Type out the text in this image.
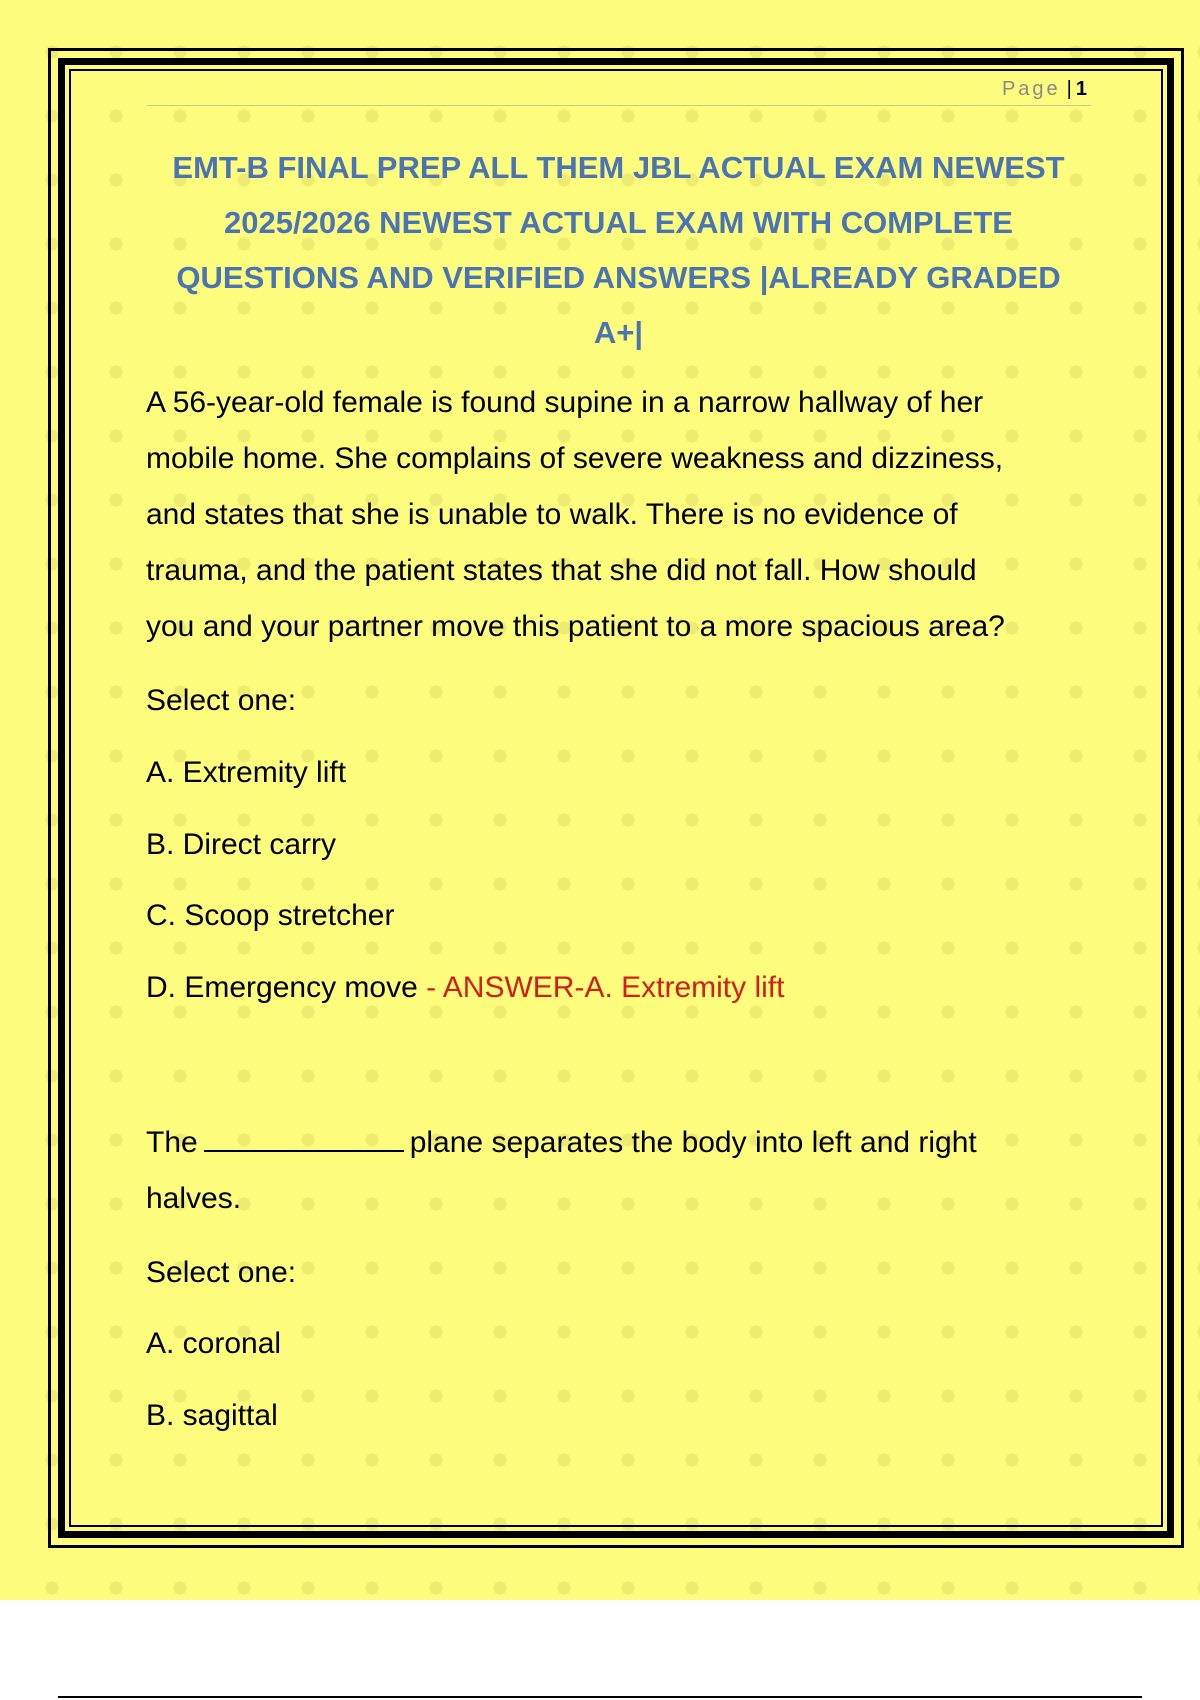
Page | 1
EMT-B FINAL PREP ALL THEM JBL ACTUAL EXAM NEWEST
2025/2026 NEWEST ACTUAL EXAM WITH COMPLETE
QUESTIONS AND VERIFIED ANSWERS |ALREADY GRADED
A+|

A 56-year-old female is found supine in a narrow hallway of her
mobile home. She complains of severe weakness and dizziness,
and states that she is unable to walk. There is no evidence of
trauma, and the patient states that she did not fall. How should
you and your partner move this patient to a more spacious area?

Select one:

A. Extremity lift

B. Direct carry

C. Scoop stretcher

D. Emergency move - ANSWER-A. Extremity lift

The	plane separates the body into left and right
halves.

Select one:

A. coronal

B. sagittal
